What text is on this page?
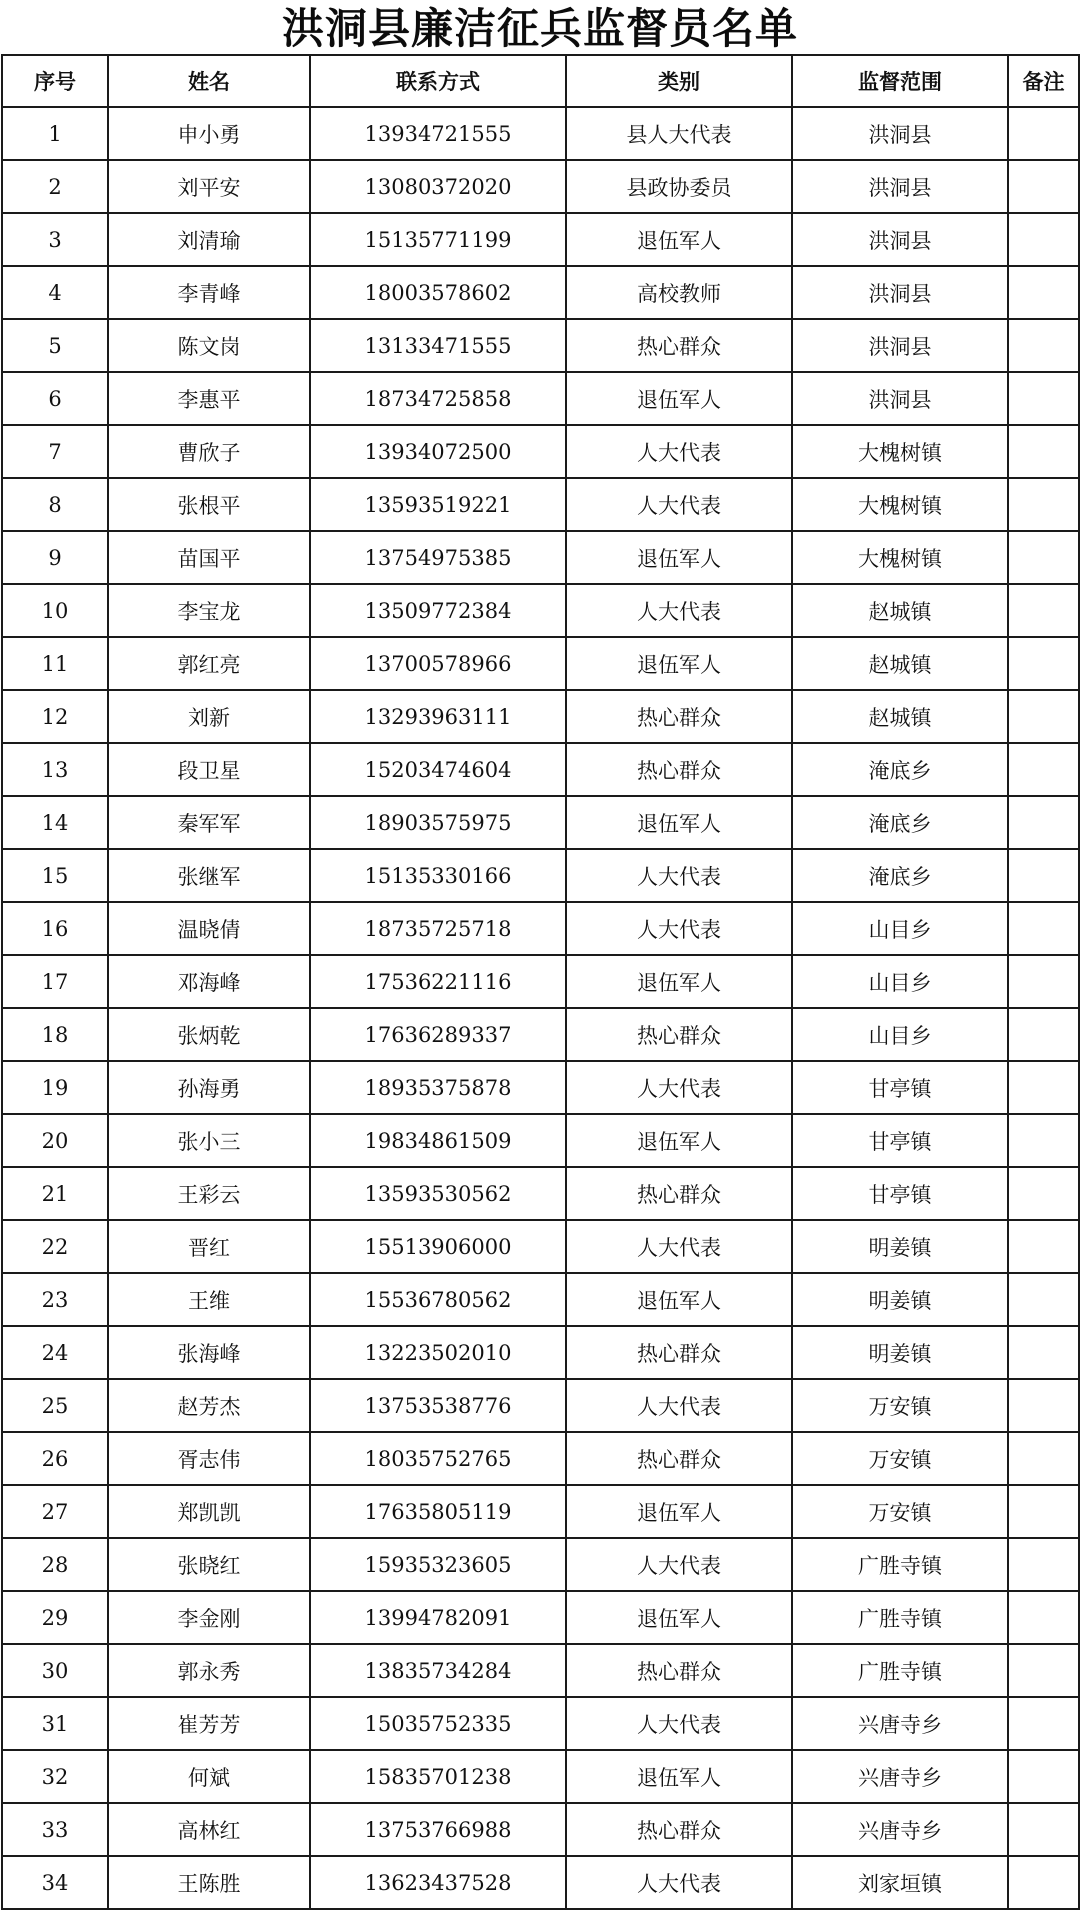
洪洞县廉洁征兵监督员名单
序号	姓名	联系方式	类别	监督范围	备注
1	申小勇	13934721555	县人大代表	洪洞县	
2	刘平安	13080372020	县政协委员	洪洞县	
3	刘清瑜	15135771199	退伍军人	洪洞县	
4	李青峰	18003578602	高校教师	洪洞县	
5	陈文岗	13133471555	热心群众	洪洞县	
6	李惠平	18734725858	退伍军人	洪洞县	
7	曹欣子	13934072500	人大代表	大槐树镇	
8	张根平	13593519221	人大代表	大槐树镇	
9	苗国平	13754975385	退伍军人	大槐树镇	
10	李宝龙	13509772384	人大代表	赵城镇	
11	郭红亮	13700578966	退伍军人	赵城镇	
12	刘新	13293963111	热心群众	赵城镇	
13	段卫星	15203474604	热心群众	淹底乡	
14	秦军军	18903575975	退伍军人	淹底乡	
15	张继军	15135330166	人大代表	淹底乡	
16	温晓倩	18735725718	人大代表	山目乡	
17	邓海峰	17536221116	退伍军人	山目乡	
18	张炳乾	17636289337	热心群众	山目乡	
19	孙海勇	18935375878	人大代表	甘亭镇	
20	张小三	19834861509	退伍军人	甘亭镇	
21	王彩云	13593530562	热心群众	甘亭镇	
22	晋红	15513906000	人大代表	明姜镇	
23	王维	15536780562	退伍军人	明姜镇	
24	张海峰	13223502010	热心群众	明姜镇	
25	赵芳杰	13753538776	人大代表	万安镇	
26	胥志伟	18035752765	热心群众	万安镇	
27	郑凯凯	17635805119	退伍军人	万安镇	
28	张晓红	15935323605	人大代表	广胜寺镇	
29	李金刚	13994782091	退伍军人	广胜寺镇	
30	郭永秀	13835734284	热心群众	广胜寺镇	
31	崔芳芳	15035752335	人大代表	兴唐寺乡	
32	何斌	15835701238	退伍军人	兴唐寺乡	
33	高林红	13753766988	热心群众	兴唐寺乡	
34	王陈胜	13623437528	人大代表	刘家垣镇	
